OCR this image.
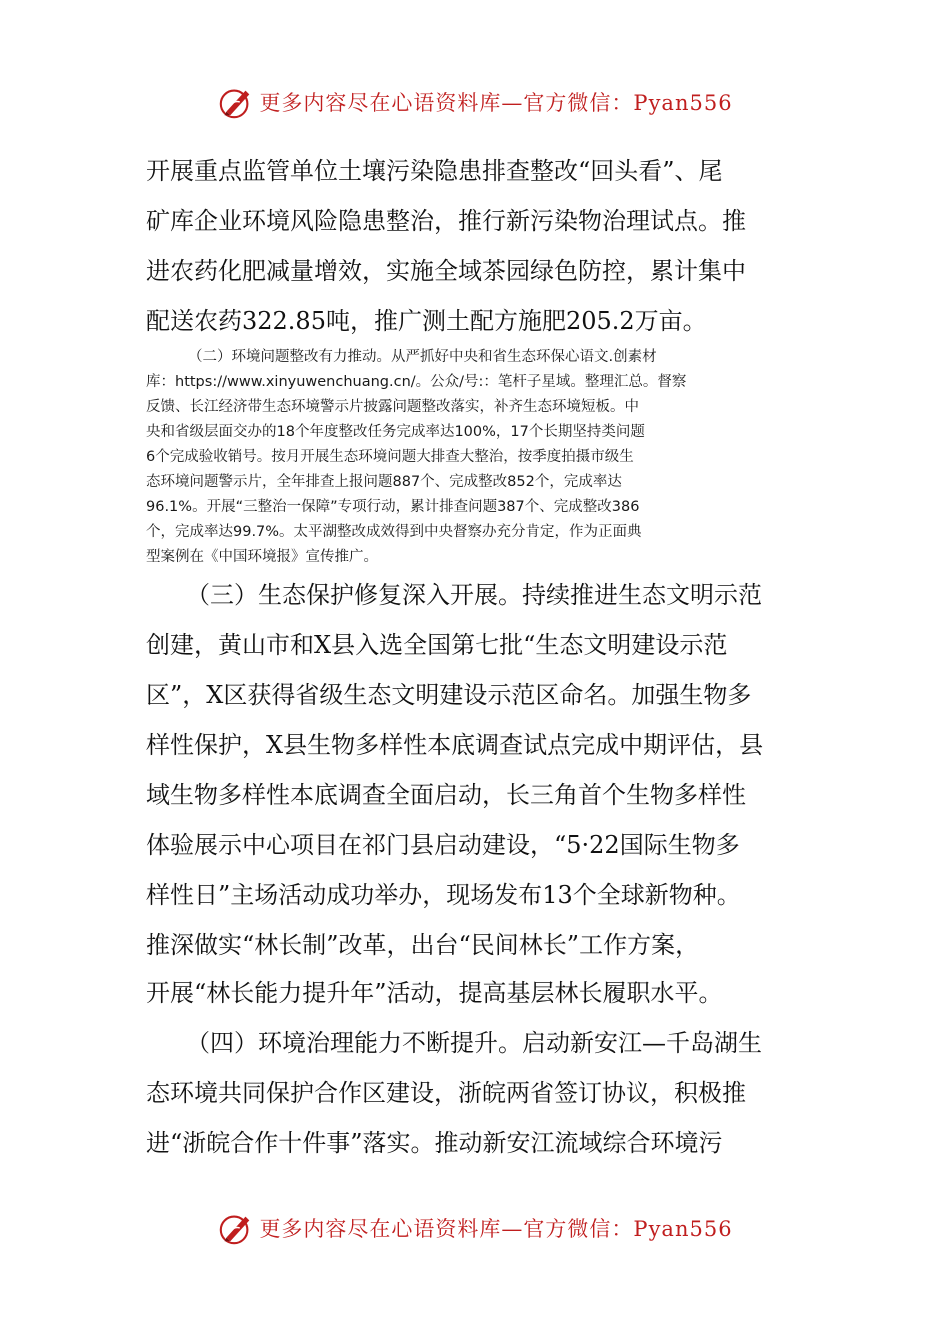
更多内容尽在心语资料库—官方微信：Pyan556

开展重点监管单位土壤污染隐患排查整改“回头看”、尾

矿库企业环境风险隐患整治，推行新污染物治理试点。推

进农药化肥减量增效，实施全域茶园绿色防控，累计集中

配送农药322.85吨，推广测土配方施肥205.2万亩。

（二）环境问题整改有力推动。从严抓好中央和省生态环保心语文.创素材

库：https://www.xinyuwenchuang.cn/。公众/号:：笔杆子星域。整理汇总。督察

反馈、长江经济带生态环境警示片披露问题整改落实，补齐生态环境短板。中

央和省级层面交办的18个年度整改任务完成率达100%，17个长期坚持类问题

6个完成验收销号。按月开展生态环境问题大排查大整治，按季度拍摄市级生

态环境问题警示片，全年排查上报问题887个、完成整改852个，完成率达

96.1%。开展“三整治一保障”专项行动，累计排查问题387个、完成整改386

个，完成率达99.7%。太平湖整改成效得到中央督察办充分肯定，作为正面典

型案例在《中国环境报》宣传推广。

（三）生态保护修复深入开展。持续推进生态文明示范

创建，黄山市和X县入选全国第七批“生态文明建设示范

区”，X区获得省级生态文明建设示范区命名。加强生物多

样性保护，X县生物多样性本底调查试点完成中期评估，县

域生物多样性本底调查全面启动，长三角首个生物多样性

体验展示中心项目在祁门县启动建设，“5·22国际生物多

样性日”主场活动成功举办，现场发布13个全球新物种。

推深做实“林长制”改革，出台“民间林长”工作方案，

开展“林长能力提升年”活动，提高基层林长履职水平。

（四）环境治理能力不断提升。启动新安江—千岛湖生

态环境共同保护合作区建设，浙皖两省签订协议，积极推

进“浙皖合作十件事”落实。推动新安江流域综合环境污

更多内容尽在心语资料库—官方微信：Pyan556
